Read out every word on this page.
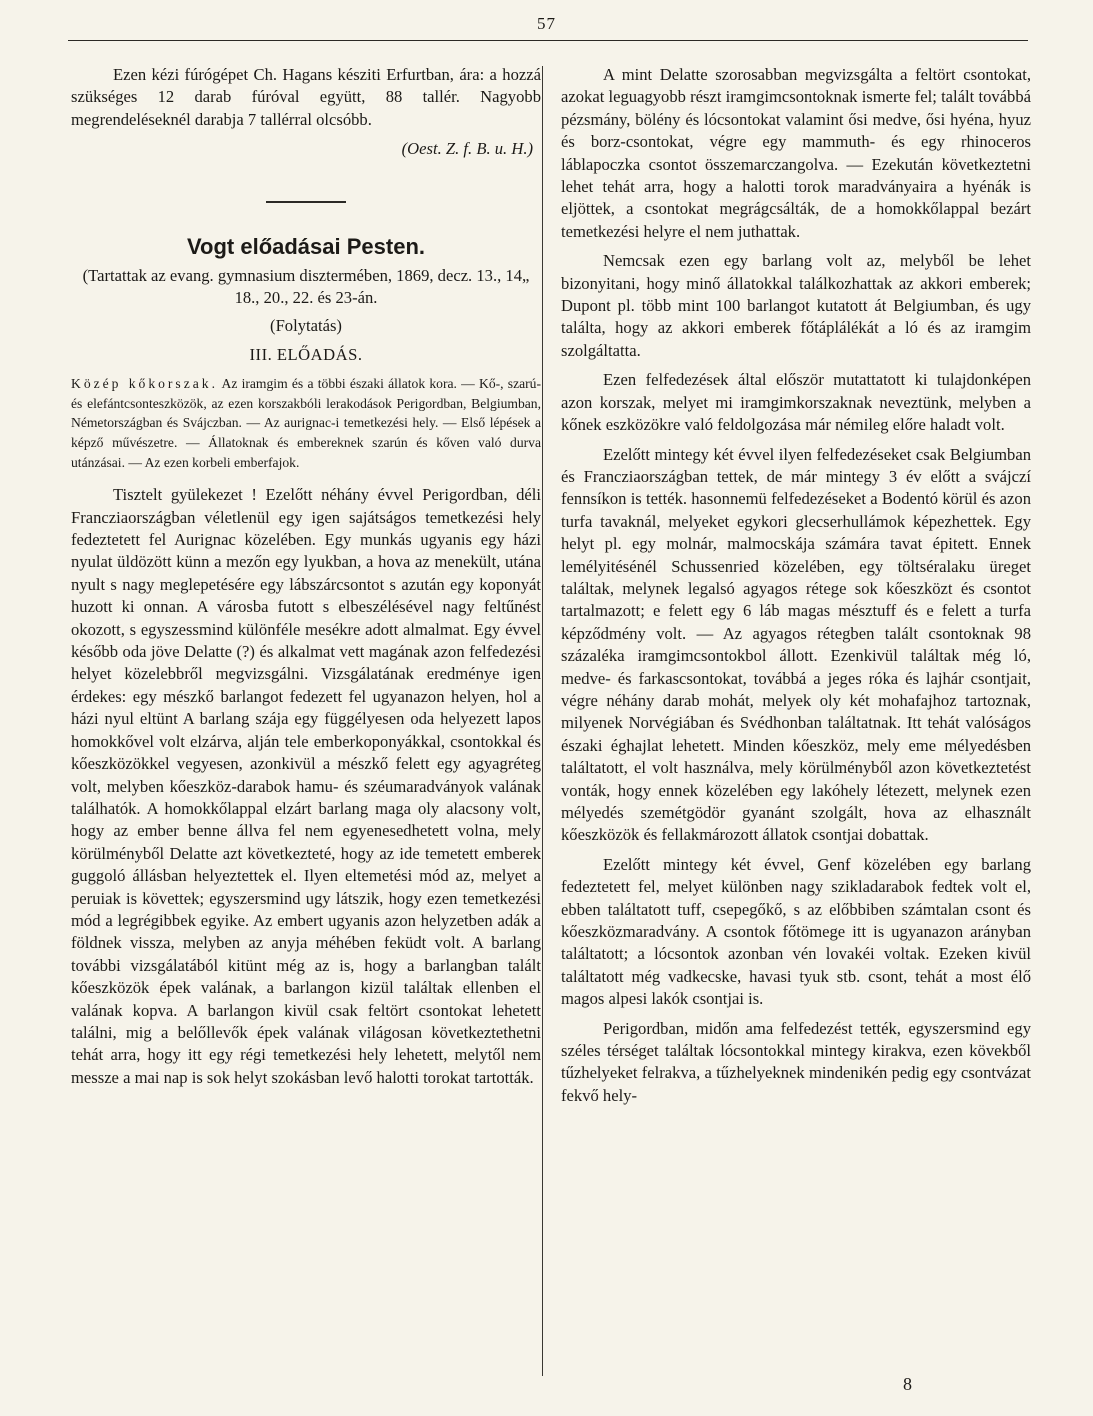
57

Ezen kézi fúrógépet Ch. Hagans késziti Erfurtban, ára: a hozzá szükséges 12 darab fúróval együtt, 88 tallér. Nagyobb megrendeléseknél darabja 7 tallérral olcsóbb.

(Oest. Z. f. B. u. H.)
Vogt előadásai Pesten.
(Tartattak az evang. gymnasium disztermében, 1869, decz. 13., 14„ 18., 20., 22. és 23-án.
(Folytatás)
III. ELŐADÁS.
Közép kőkorszak. Az iramgim és a többi északi állatok kora. — Kő-, szarú- és elefántcsonteszközök, az ezen korszakbóli lerakodások Perigordban, Belgiumban, Németországban és Svájczban. — Az aurignac-i temetkezési hely. — Első lépések a képző művészetre. — Állatoknak és embereknek szarún és kőven való durva utánzásai. — Az ezen korbeli emberfajok.

Tisztelt gyülekezet ! Ezelőtt néhány évvel Perigordban, déli Francziaországban véletlenül egy igen sajátságos temetkezési hely fedeztetett fel Aurignac közelében. Egy munkás ugyanis egy házi nyulat üldözött künn a mezőn egy lyukban, a hova az menekült, utána nyult s nagy meglepetésére egy lábszárcsontot s azután egy koponyát huzott ki onnan. A városba futott s elbeszélésével nagy feltűnést okozott, s egyszessmind különféle mesékre adott almalmat. Egy évvel később oda jöve Delatte (?) és alkalmat vett magának azon felfedezési helyet közelebbről megvizsgálni. Vizsgálatának eredménye igen érdekes: egy mészkő barlangot fedezett fel ugyanazon helyen, hol a házi nyul eltünt A barlang szája egy függélyesen oda helyezett lapos homokkővel volt elzárva, alján tele emberkoponyákkal, csontokkal és kőeszközökkel vegyesen, azonkivül a mészkő felett egy agyagréteg volt, melyben kőeszköz-darabok hamu- és széumaradványok valának találhatók. A homokkőlappal elzárt barlang maga oly alacsony volt, hogy az ember benne állva fel nem egyenesedhetett volna, mely körülményből Delatte azt következteté, hogy az ide temetett emberek guggoló állásban helyeztettek el. Ilyen eltemetési mód az, melyet a peruiak is követtek; egyszersmind ugy látszik, hogy ezen temetkezési mód a legrégibbek egyike. Az embert ugyanis azon helyzetben adák a földnek vissza, melyben az anyja méhében feküdt volt. A barlang további vizsgálatából kitünt még az is, hogy a barlangban talált kőeszközök épek valának, a barlangon kizül találtak ellenben el valának kopva. A barlangon kivül csak feltört csontokat lehetett találni, mig a belőllevők épek valának világosan következtethetni tehát arra, hogy itt egy régi temetkezési hely lehetett, melytől nem messze a mai nap is sok helyt szokásban levő halotti torokat tartották.

A mint Delatte szorosabban megvizsgálta a feltört csontokat, azokat leguagyobb részt iramgimcsontoknak ismerte fel; talált továbbá pézsmány, bölény és lócsontokat valamint ősi medve, ősi hyéna, hyuz és borz-csontokat, végre egy mammuth- és egy rhinoceros láblapoczka csontot összemarczangolva. — Ezekután következtetni lehet tehát arra, hogy a halotti torok maradványaira a hyénák is eljöttek, a csontokat megrágcsálták, de a homokkőlappal bezárt temetkezési helyre el nem juthattak.

Nemcsak ezen egy barlang volt az, melyből be lehet bizonyitani, hogy minő állatokkal találkozhattak az akkori emberek; Dupont pl. több mint 100 barlangot kutatott át Belgiumban, és ugy találta, hogy az akkori emberek főtáplálékát a ló és az iramgim szolgáltatta.

Ezen felfedezések által először mutattatott ki tulajdonképen azon korszak, melyet mi iramgimkorszaknak neveztünk, melyben a kőnek eszközökre való feldolgozása már némileg előre haladt volt.

Ezelőtt mintegy két évvel ilyen felfedezéseket csak Belgiumban és Francziaországban tettek, de már mintegy 3 év előtt a svájczí fennsíkon is tették. hasonnemü felfedezéseket a Bodentó körül és azon turfa tavaknál, melyeket egykori glecserhullámok képezhettek. Egy helyt pl. egy molnár, malmocskája számára tavat épitett. Ennek lemélyitésénél Schussenried közelében, egy töltséralaku üreget találtak, melynek legalsó agyagos rétege sok kőeszközt és csontot tartalmazott; e felett egy 6 láb magas mésztuff és e felett a turfa képződmény volt. — Az agyagos rétegben talált csontoknak 98 százaléka iramgimcsontokbol állott. Ezenkivül találtak még ló, medve- és farkascsontokat, továbbá a jeges róka és lajhár csontjait, végre néhány darab mohát, melyek oly két mohafajhoz tartoznak, milyenek Norvégiában és Svédhonban találtatnak. Itt tehát valóságos északi éghajlat lehetett. Minden kőeszköz, mely eme mélyedésben találtatott, el volt használva, mely körülményből azon következtetést vonták, hogy ennek közelében egy lakóhely létezett, melynek ezen mélyedés szemétgödör gyanánt szolgált, hova az elhasznált kőeszközök és fellakmározott állatok csontjai dobattak.

Ezelőtt mintegy két évvel, Genf közelében egy barlang fedeztetett fel, melyet különben nagy szikladarabok fedtek volt el, ebben találtatott tuff, csepegőkő, s az előbbiben számtalan csont és kőeszközmaradvány. A csontok főtömege itt is ugyanazon arányban találtatott; a lócsontok azonban vén lovakéi voltak. Ezeken kivül találtatott még vadkecske, havasi tyuk stb. csont, tehát a most élő magos alpesi lakók csontjai is.

Perigordban, midőn ama felfedezést tették, egyszersmind egy széles térséget találtak lócsontokkal mintegy kirakva, ezen kövekből tűzhelyeket felrakva, a tűzhelyeknek mindenikén pedig egy csontvázat fekvő hely-

8
